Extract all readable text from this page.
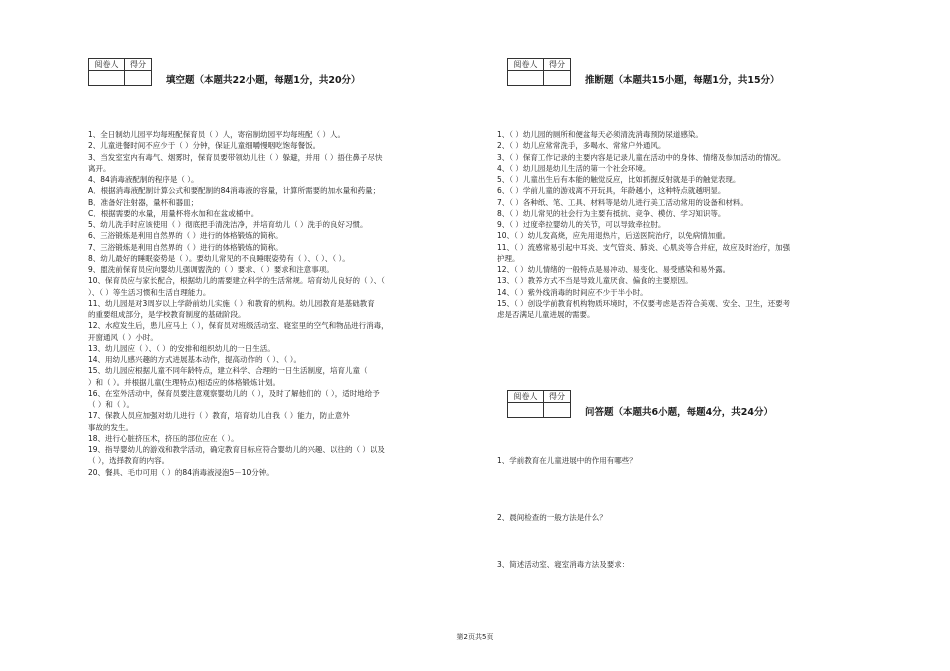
阅卷人	得分

填空题（本题共22小题，每题1分，共20分）
1、全日制幼儿园平均每班配保育员（ ）人，寄宿制幼园平均每班配（ ）人。
2、儿童进餐时间不应少于（ ）分钟，保证儿童细嚼慢咽吃饱每餐饭。
3、当发室室内有毒气、烟雾时，保育员要带领幼儿往（ ）躲避，并用（ ）捂住鼻子尽快
离开。
4、84消毒液配制的程序是（ ）。
A．根据消毒液配制计算公式和要配制的84消毒液的容量，计算所需要的加水量和药量；
B．准备好注射器，量杯和器皿；
C．根据需要的水量，用量杯将水加和在盆或桶中。
5、幼儿洗手时应该使用（ ）彻底把手清洗洁净，并培育幼儿（ ）洗手的良好习惯。
6、三浴锻炼是利用自然界的（ ）进行的体格锻炼的简称。
7、三浴锻炼是利用自然界的（ ）进行的体格锻炼的简称。
8、幼儿最好的睡眠姿势是（ ）。要幼儿常见的不良睡眠姿势有（ ）、（ ）、（ ）。
9、盥洗前保育员应向婴幼儿强调盥洗的（ ）要求、（ ）要求和注意事项。
10、保育员应与家长配合，根据幼儿的需要建立科学的生活常规。培育幼儿良好的（ ）、（
）、（ ）等生活习惯和生活自理能力。
11、幼儿园是对3周岁以上学龄前幼儿实施（ ）和教育的机构。幼儿园教育是基础教育
的重要组成部分，是学校教育制度的基础阶段。
12、水痘发生后，患儿应马上（ ），保育员对班级活动室、寝室里的空气和物品进行消毒，
开窗通风（ ）小时。
13、幼儿园应（ ）、（ ）的安排和组织幼儿的一日生活。
14、用幼儿感兴趣的方式进展基本动作，提高动作的（ ）、（ ）。
15、幼儿园应根据儿童不同年龄特点，建立科学、合理的一日生活制度，培育儿童（
）和（ ）。并根据儿童(生理特点)相适应的体格锻炼计划。
16、在室外活动中，保育员要注意观察婴幼儿的（ ），及时了解他们的（ ），适时地给予
（ ）和（ ）。
17、保教人员应加强对幼儿进行（ ）教育，培育幼儿自我（ ）能力，防止意外
事故的发生。
18、进行心脏挤压术，挤压的部位应在（ ）。
19、指导婴幼儿的游戏和教学活动，确定教育目标应符合婴幼儿的兴趣、以往的（ ）以及
（ ），选择教育的内容。
20、餐具、毛巾可用（ ）的84消毒液浸泡5－10分钟。
阅卷人	得分

推断题（本题共15小题，每题1分，共15分）
1、（ ）幼儿园的厕所和便盆每天必须清洗消毒预防尿道感染。
2、（ ）幼儿应常常洗手，多喝水、常常户外通风。
3、（ ）保育工作记录的主要内容是记录儿童在活动中的身体、情绪及参加活动的情况。
4、（ ）幼儿园是幼儿生活的第一个社会环境。
5、（ ）儿童出生后有本能的触觉反应，比如抓握反射就是手的触觉表现。
6、（ ）学前儿童的游戏离不开玩具，年龄越小，这种特点就越明显。
7、（ ）各种纸、笔、工具、材料等是幼儿进行美工活动常用的设备和材料。
8、（ ）幼儿常见的社会行为主要有抵抗、竞争、模仿、学习知识等。
9、（ ）过度牵拉婴幼儿的关节，可以导致牵拉肘。
10、（ ）幼儿发高烧，应先用退热片，后送医院治疗，以免病情加重。
11、（ ）流感常易引起中耳炎、支气管炎、肺炎、心肌炎等合并症，故应及时治疗，加强
护理。
12、（ ）幼儿情绪的一般特点是易冲动、易变化、易受感染和易外露。
13、（ ）教养方式不当是导致儿童厌食、偏食的主要原因。
14、（ ）紫外线消毒的时间应不少于半小时。
15、（ ）创设学前教育机构物质环境时，不仅要考虑是否符合美观、安全、卫生，还要考
虑是否满足儿童进展的需要。
阅卷人	得分

问答题（本题共6小题，每题4分，共24分）
1、学前教育在儿童进展中的作用有哪些？
2、晨间检查的一般方法是什么？
3、简述活动室、寝室消毒方法及要求：
第2页共5页
